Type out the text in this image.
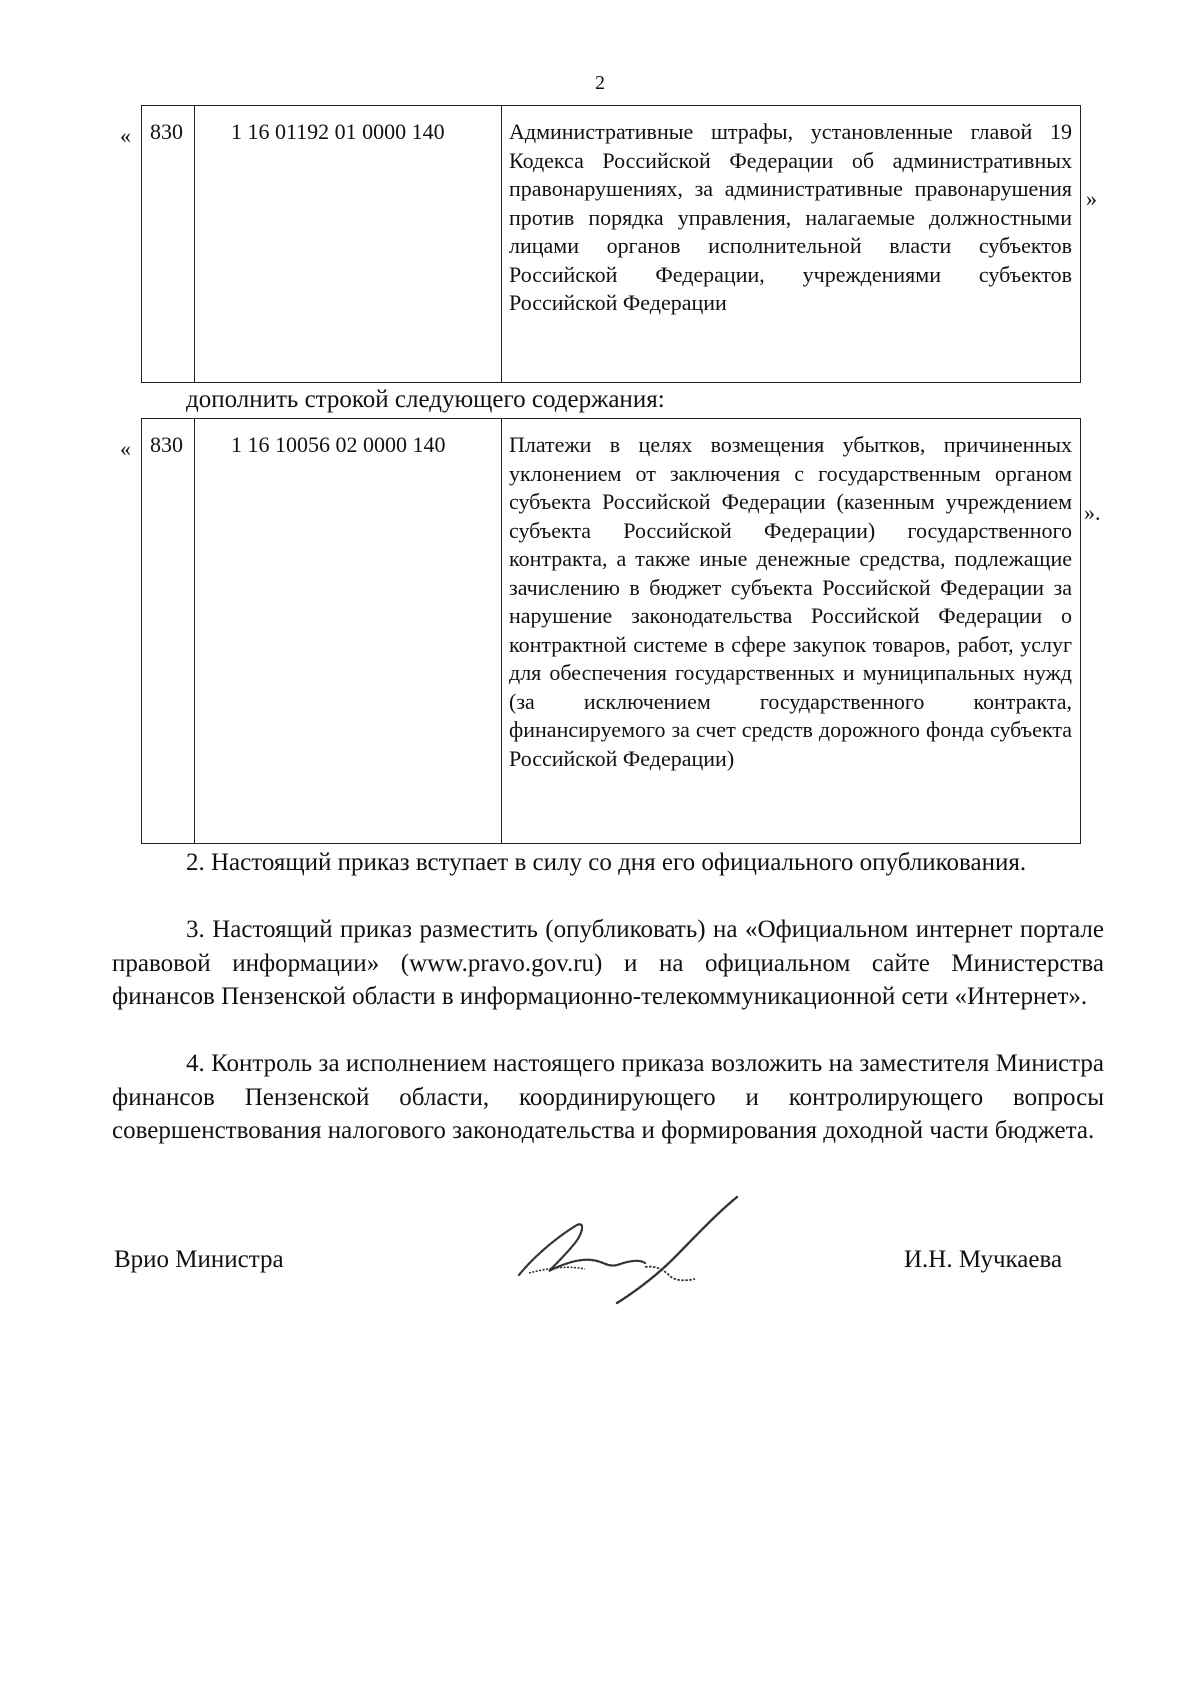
2
« 830 1 16 01192 01 0000 140	Административные штрафы, установленные главой 19 Кодекса Российской Федерации об административных правонарушениях, за административные правонарушения против порядка управления, налагаемые должностными лицами органов исполнительной власти субъектов Российской Федерации, учреждениями субъектов Российской Федерации
»
дополнить строкой следующего содержания:
« 830 1 16 10056 02 0000 140	Платежи в целях возмещения убытков, причиненных уклонением от заключения с государственным органом субъекта Российской Федерации (казенным учреждением субъекта Российской Федерации) государственного контракта, а также иные денежные средства, подлежащие зачислению в бюджет субъекта Российской Федерации за нарушение законодательства Российской Федерации о контрактной системе в сфере закупок товаров, работ, услуг для обеспечения государственных и муниципальных нужд (за исключением государственного контракта, финансируемого за счет средств дорожного фонда субъекта Российской Федерации)
».

2. Настоящий приказ вступает в силу со дня его официального опубликования.

3. Настоящий приказ разместить (опубликовать) на «Официальном интернет портале правовой информации» (www.pravo.gov.ru) и на официальном сайте Министерства финансов Пензенской области в информационно-телекоммуникационной сети «Интернет».

4. Контроль за исполнением настоящего приказа возложить на заместителя Министра финансов Пензенской области, координирующего и контролирующего вопросы совершенствования налогового законодательства и формирования доходной части бюджета.

Врио Министра	И.Н. Мучкаева
